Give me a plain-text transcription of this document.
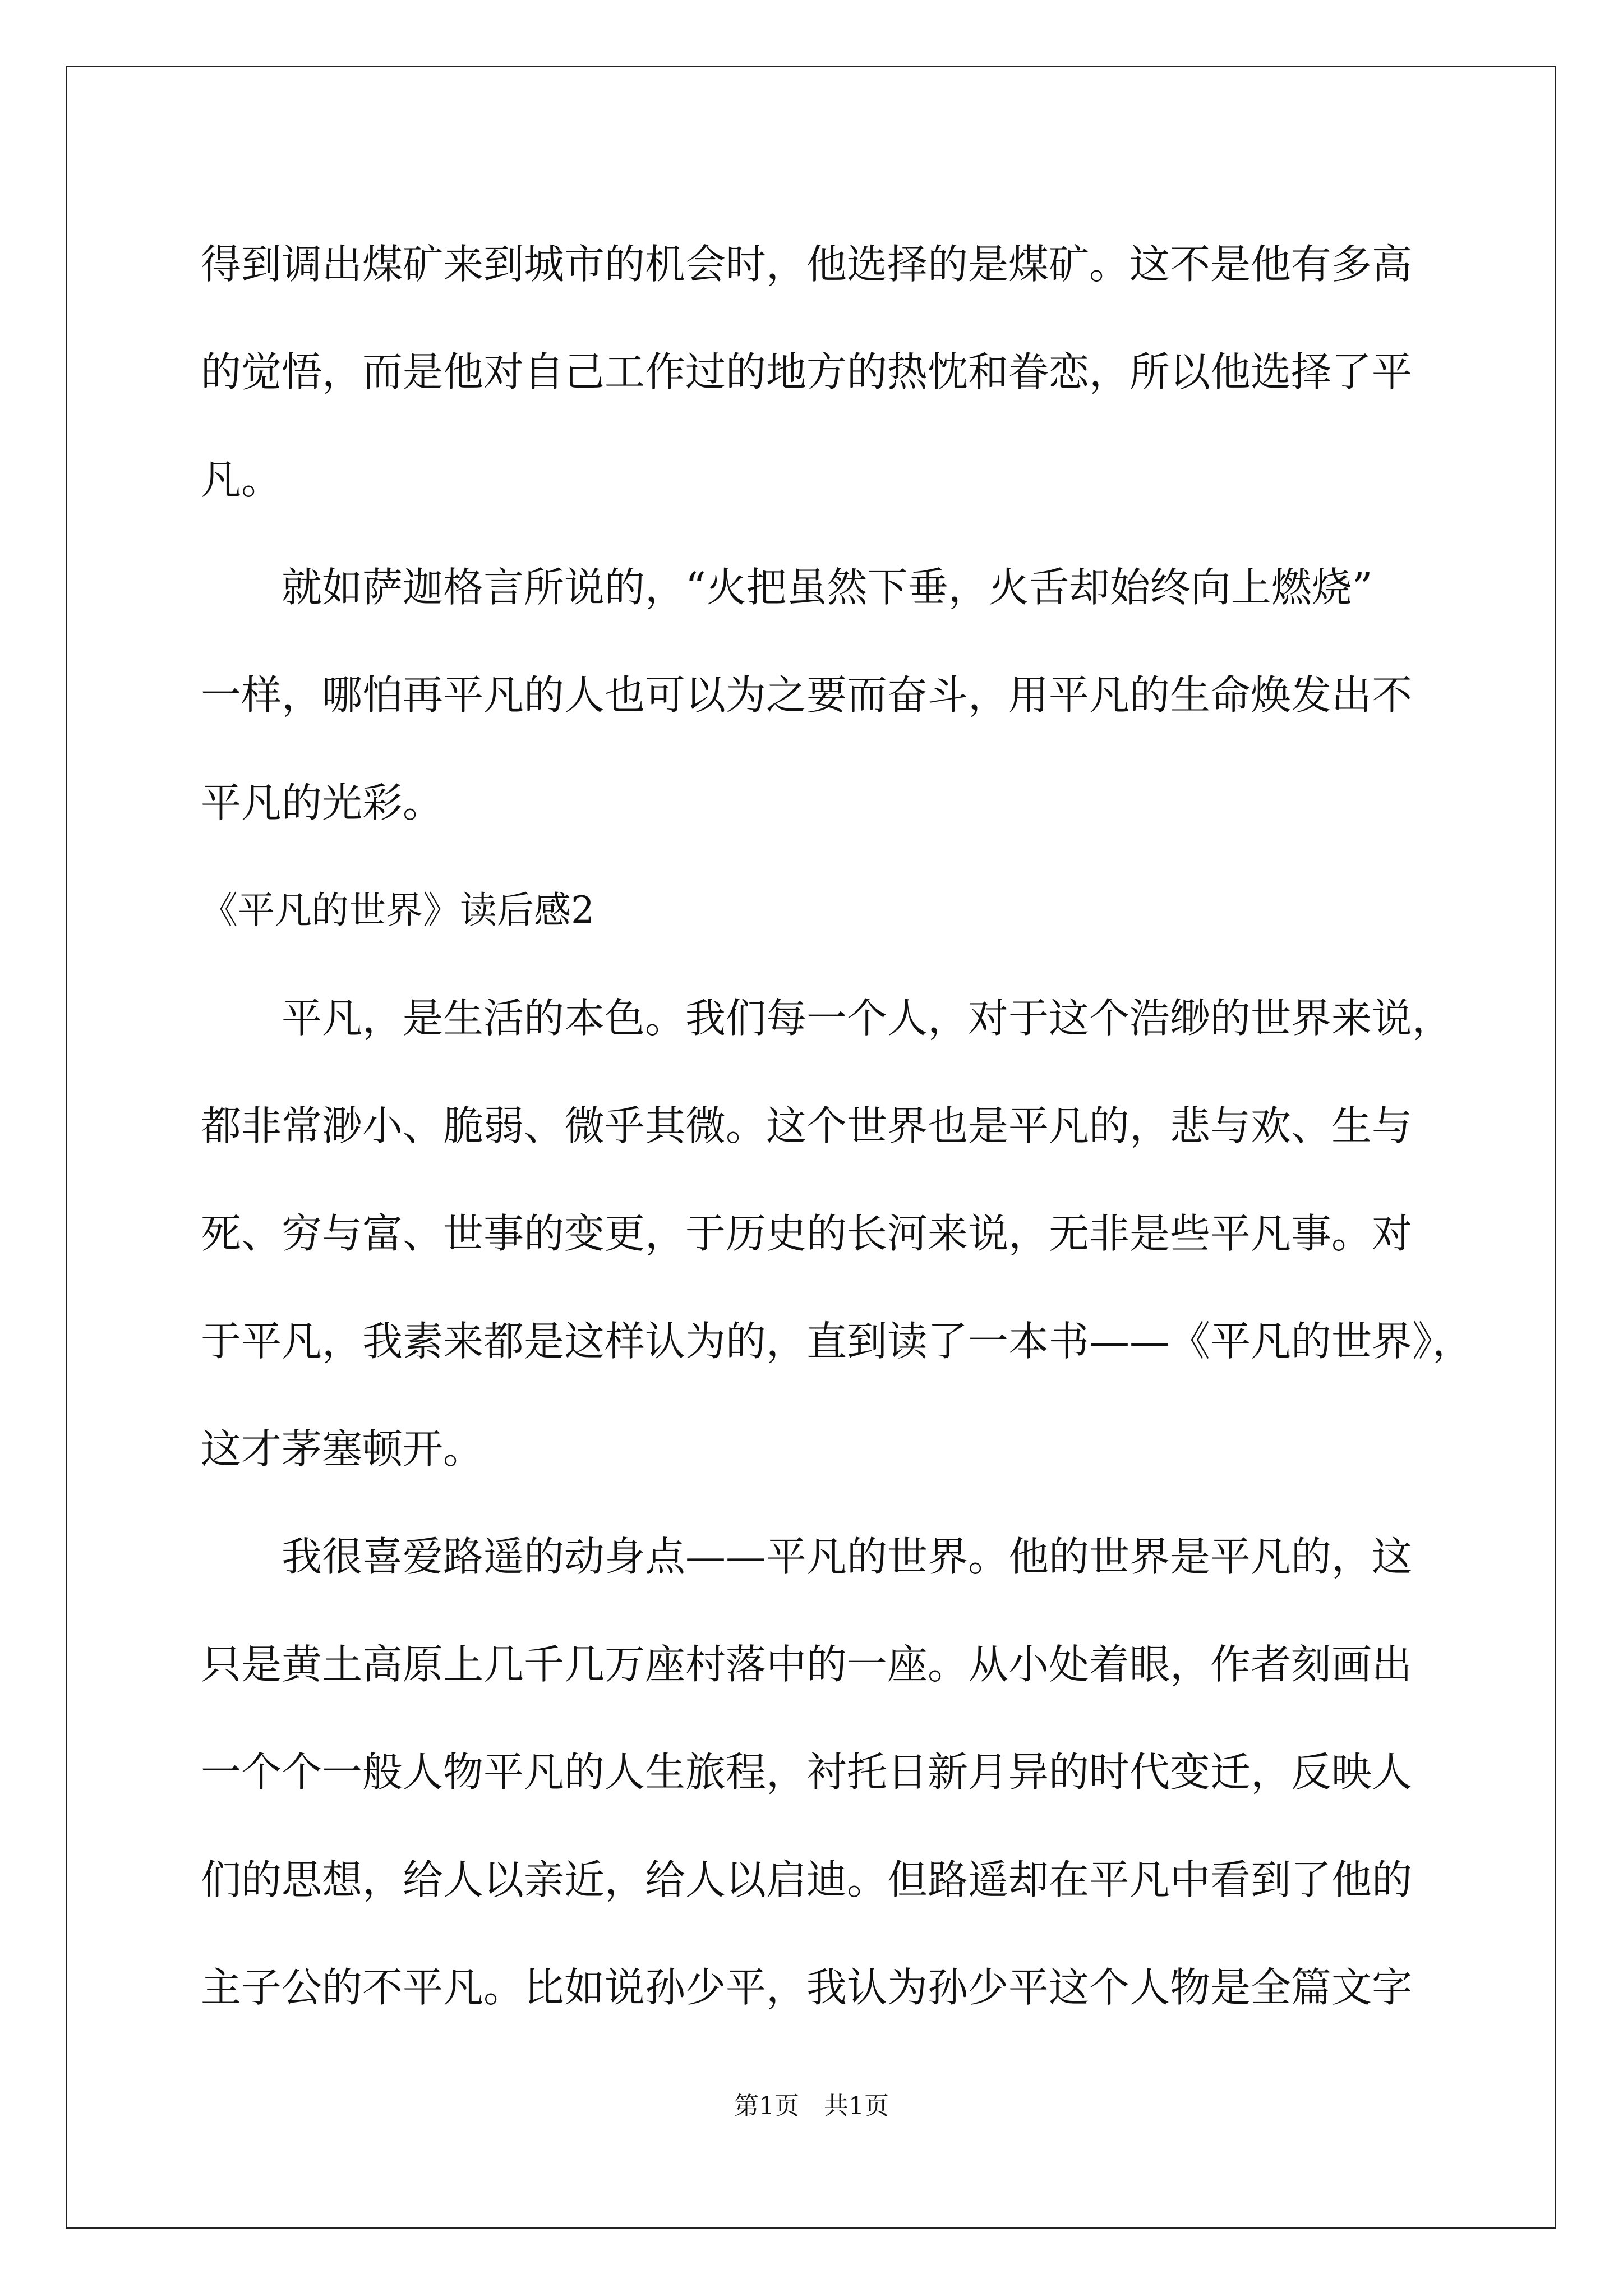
得到调出煤矿来到城市的机会时，他选择的是煤矿。这不是他有多高
的觉悟，而是他对自己工作过的地方的热忱和眷恋，所以他选择了平
凡。
　　就如萨迦格言所说的，“火把虽然下垂，火舌却始终向上燃烧”
一样，哪怕再平凡的人也可以为之要而奋斗，用平凡的生命焕发出不
平凡的光彩。
《平凡的世界》读后感2
　　平凡，是生活的本色。我们每一个人，对于这个浩缈的世界来说，
都非常渺小、脆弱、微乎其微。这个世界也是平凡的，悲与欢、生与
死、穷与富、世事的变更，于历史的长河来说，无非是些平凡事。对
于平凡，我素来都是这样认为的，直到读了一本书——《平凡的世界》，
这才茅塞顿开。
　　我很喜爱路遥的动身点——平凡的世界。他的世界是平凡的，这
只是黄土高原上几千几万座村落中的一座。从小处着眼，作者刻画出
一个个一般人物平凡的人生旅程，衬托日新月异的时代变迁，反映人
们的思想，给人以亲近，给人以启迪。但路遥却在平凡中看到了他的
主子公的不平凡。比如说孙少平，我认为孙少平这个人物是全篇文字
第1页　共1页
